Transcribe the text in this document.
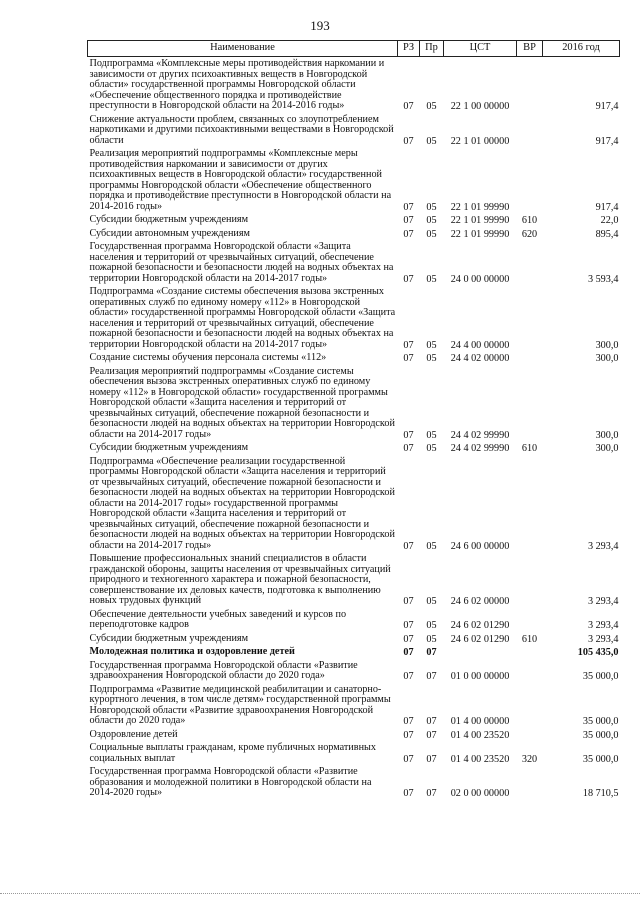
193
Наименование	РЗ	Пр	ЦСТ	ВР	2016 год
Подпрограмма «Комплексные меры противодействия наркомании и зависимости от других психоактивных веществ в Новгородской области» государственной программы Новгородской области «Обеспечение общественного порядка и противодействие преступности в Новгородской области на 2014-2016 годы»	07	05	22 1 00 00000		917,4
Снижение актуальности проблем, связанных со злоупотреблением наркотиками и другими психоактивными веществами в Новгородской области	07	05	22 1 01 00000		917,4
Реализация мероприятий подпрограммы «Комплексные меры противодействия наркомании и зависимости от других психоактивных веществ в Новгородской области» государственной программы Новгородской области «Обеспечение общественного порядка и противодействие преступности в Новгородской области на 2014-2016 годы»	07	05	22 1 01 99990		917,4
Субсидии бюджетным учреждениям	07	05	22 1 01 99990	610	22,0
Субсидии автономным учреждениям	07	05	22 1 01 99990	620	895,4
Государственная программа Новгородской области «Защита населения и территорий от чрезвычайных ситуаций, обеспечение пожарной безопасности и безопасности людей на водных объектах на территории Новгородской области на 2014-2017 годы»	07	05	24 0 00 00000		3 593,4
Подпрограмма «Создание системы обеспечения вызова экстренных оперативных служб по единому номеру «112» в Новгородской области» государственной программы Новгородской области «Защита населения и территорий от чрезвычайных ситуаций, обеспечение пожарной безопасности и безопасности людей на водных объектах на территории Новгородской области на 2014-2017 годы»	07	05	24 4 00 00000		300,0
Создание системы обучения персонала системы «112»	07	05	24 4 02 00000		300,0
Реализация мероприятий подпрограммы «Создание системы обеспечения вызова экстренных оперативных служб по единому номеру «112» в Новгородской области» государственной программы Новгородской области «Защита населения и территорий от чрезвычайных ситуаций, обеспечение пожарной безопасности и безопасности людей на водных объектах на территории Новгородской области на 2014-2017 годы»	07	05	24 4 02 99990		300,0
Субсидии бюджетным учреждениям	07	05	24 4 02 99990	610	300,0
Подпрограмма «Обеспечение реализации государственной программы Новгородской области «Защита населения и территорий от чрезвычайных ситуаций, обеспечение пожарной безопасности и безопасности людей на водных объектах на территории Новгородской области на 2014-2017 годы» государственной программы Новгородской области «Защита населения и территорий от чрезвычайных ситуаций, обеспечение пожарной безопасности и безопасности людей на водных объектах на территории Новгородской области на 2014-2017 годы»	07	05	24 6 00 00000		3 293,4
Повышение профессиональных знаний специалистов в области гражданской обороны, защиты населения от чрезвычайных ситуаций природного и техногенного характера и пожарной безопасности, совершенствование их деловых качеств, подготовка к выполнению новых трудовых функций	07	05	24 6 02 00000		3 293,4
Обеспечение деятельности учебных заведений и курсов по переподготовке кадров	07	05	24 6 02 01290		3 293,4
Субсидии бюджетным учреждениям	07	05	24 6 02 01290	610	3 293,4
Молодежная политика и оздоровление детей	07	07			105 435,0
Государственная программа Новгородской области «Развитие здравоохранения Новгородской области до 2020 года»	07	07	01 0 00 00000		35 000,0
Подпрограмма «Развитие медицинской реабилитации и санаторно-курортного лечения, в том числе детям» государственной программы Новгородской области «Развитие здравоохранения Новгородской области до 2020 года»	07	07	01 4 00 00000		35 000,0
Оздоровление детей	07	07	01 4 00 23520		35 000,0
Социальные выплаты гражданам, кроме публичных нормативных социальных выплат	07	07	01 4 00 23520	320	35 000,0
Государственная программа Новгородской области «Развитие образования и молодежной политики в Новгородской области на 2014-2020 годы»	07	07	02 0 00 00000		18 710,5
